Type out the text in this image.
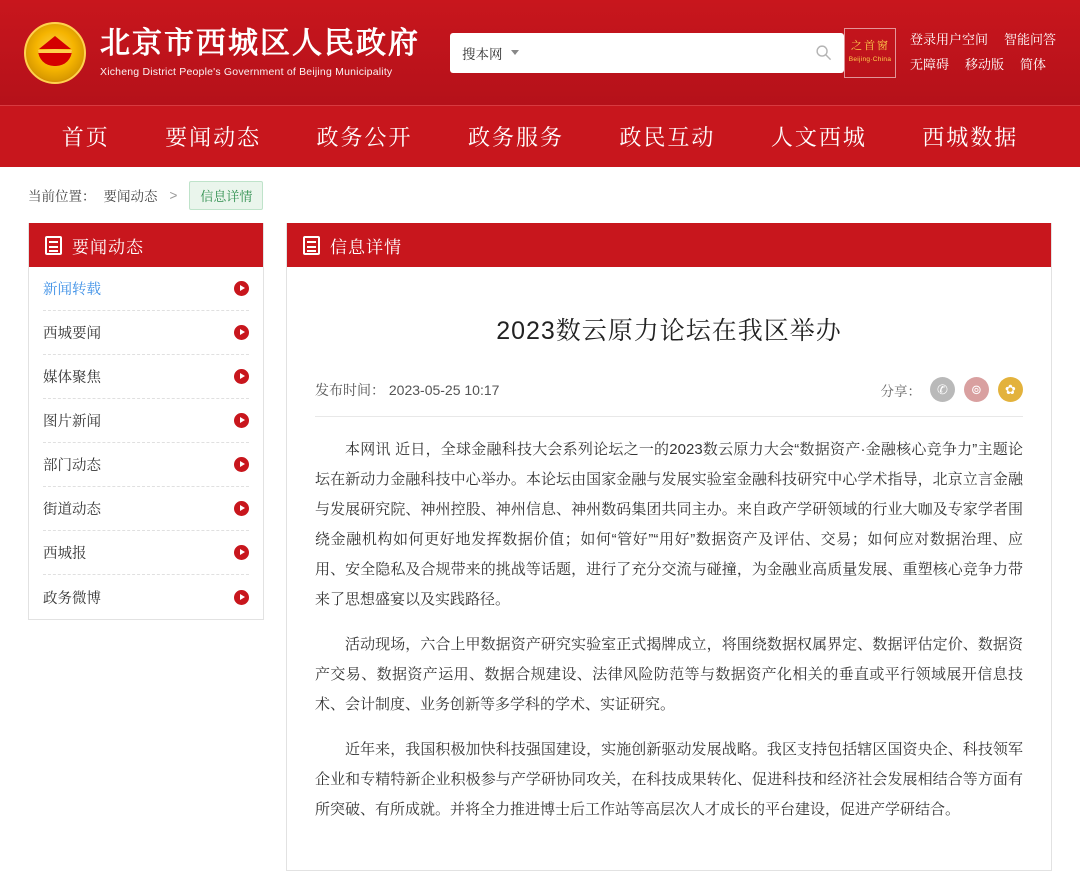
北京市西城区人民政府
Xicheng District People's Government of Beijing Municipality
搜本网
之 首 窗
Beijing·China
登录用户空间 智能问答
无障碍 移动版 简体
首页	要闻动态	政务公开	政务服务	政民互动	人文西城	西城数据
当前位置： 要闻动态 >	信息详情
要闻动态
新闻转载
西城要闻
媒体聚焦
图片新闻
部门动态
街道动态
西城报
政务微博
信息详情
2023数云原力论坛在我区举办
发布时间： 2023-05-25 10:17	分享：	✆	⊚	✿

本网讯 近日，全球金融科技大会系列论坛之一的2023数云原力大会“数据资产·金融核心竞争力”主题论坛在新动力金融科技中心举办。本论坛由国家金融与发展实验室金融科技研究中心学术指导，北京立言金融与发展研究院、神州控股、神州信息、神州数码集团共同主办。来自政产学研领域的行业大咖及专家学者围绕金融机构如何更好地发挥数据价值；如何“管好”“用好”数据资产及评估、交易；如何应对数据治理、应用、安全隐私及合规带来的挑战等话题，进行了充分交流与碰撞，为金融业高质量发展、重塑核心竞争力带来了思想盛宴以及实践路径。

活动现场，六合上甲数据资产研究实验室正式揭牌成立，将围绕数据权属界定、数据评估定价、数据资产交易、数据资产运用、数据合规建设、法律风险防范等与数据资产化相关的垂直或平行领域展开信息技术、会计制度、业务创新等多学科的学术、实证研究。

近年来，我国积极加快科技强国建设，实施创新驱动发展战略。我区支持包括辖区国资央企、科技领军企业和专精特新企业积极参与产学研协同攻关，在科技成果转化、促进科技和经济社会发展相结合等方面有所突破、有所成就。并将全力推进博士后工作站等高层次人才成长的平台建设，促进产学研结合。
